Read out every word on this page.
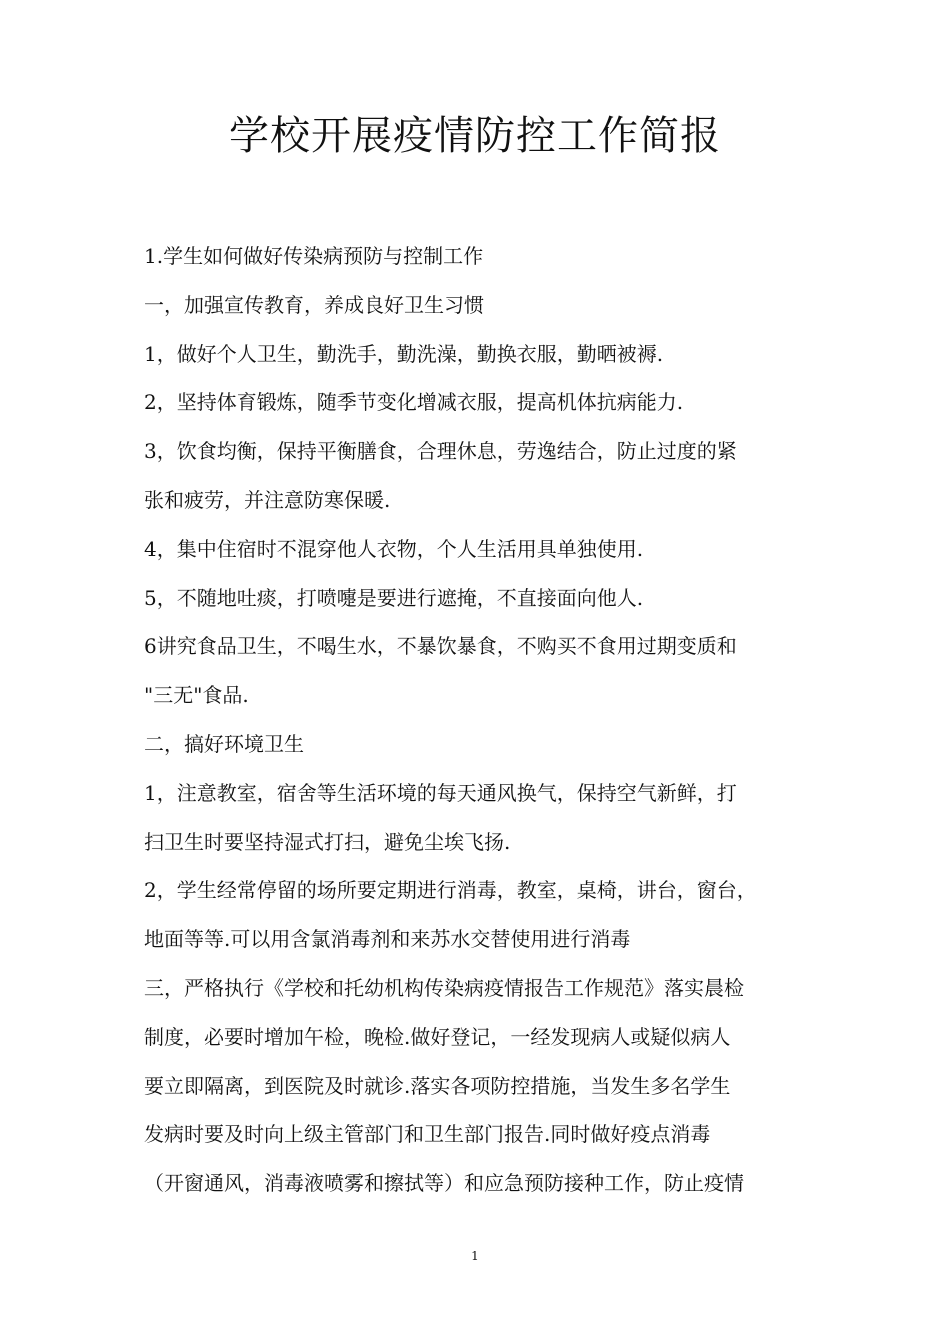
学校开展疫情防控工作简报
1.学生如何做好传染病预防与控制工作
一，加强宣传教育，养成良好卫生习惯
1，做好个人卫生，勤洗手，勤洗澡，勤换衣服，勤晒被褥.
2，坚持体育锻炼，随季节变化增减衣服，提高机体抗病能力.
3，饮食均衡，保持平衡膳食，合理休息，劳逸结合，防止过度的紧
张和疲劳，并注意防寒保暖.
4，集中住宿时不混穿他人衣物，个人生活用具单独使用.
5，不随地吐痰，打喷嚏是要进行遮掩，不直接面向他人.
6讲究食品卫生，不喝生水，不暴饮暴食，不购买不食用过期变质和
"三无"食品.
二，搞好环境卫生
1，注意教室，宿舍等生活环境的每天通风换气，保持空气新鲜，打
扫卫生时要坚持湿式打扫，避免尘埃飞扬.
2，学生经常停留的场所要定期进行消毒，教室，桌椅，讲台，窗台，
地面等等.可以用含氯消毒剂和来苏水交替使用进行消毒
三，严格执行《学校和托幼机构传染病疫情报告工作规范》落实晨检
制度，必要时增加午检，晚检.做好登记，一经发现病人或疑似病人
要立即隔离，到医院及时就诊.落实各项防控措施，当发生多名学生
发病时要及时向上级主管部门和卫生部门报告.同时做好疫点消毒
（开窗通风，消毒液喷雾和擦拭等）和应急预防接种工作，防止疫情
1
